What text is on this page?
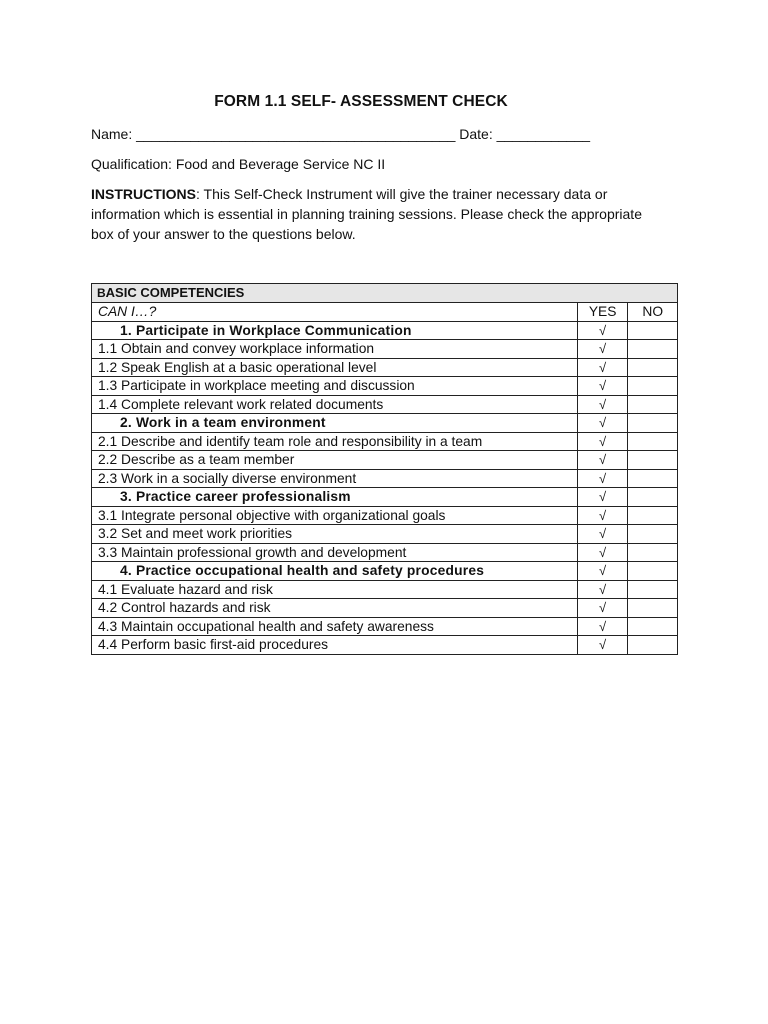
FORM 1.1 SELF- ASSESSMENT CHECK
Name: _________________________________________ Date: ____________
Qualification: Food and Beverage Service NC II
INSTRUCTIONS: This Self-Check Instrument will give the trainer necessary data or information which is essential in planning training sessions. Please check the appropriate box of your answer to the questions below.
BASIC COMPETENCIES		
CAN I…?	YES	NO
1. Participate in Workplace Communication	√	
1.1 Obtain and convey workplace information	√	
1.2 Speak English at a basic operational level	√	
1.3 Participate in workplace meeting and discussion	√	
1.4 Complete relevant work related documents	√	
2. Work in a team environment	√	
2.1 Describe and identify team role and responsibility in a team	√	
2.2 Describe as a team member	√	
2.3 Work in a socially diverse environment	√	
3. Practice career professionalism	√	
3.1 Integrate personal objective with organizational goals	√	
3.2 Set and meet work priorities	√	
3.3 Maintain professional growth and development	√	
4. Practice occupational health and safety procedures	√	
4.1 Evaluate hazard and risk	√	
4.2 Control hazards and risk	√	
4.3 Maintain occupational health and safety awareness	√	
4.4 Perform basic first-aid procedures	√	
